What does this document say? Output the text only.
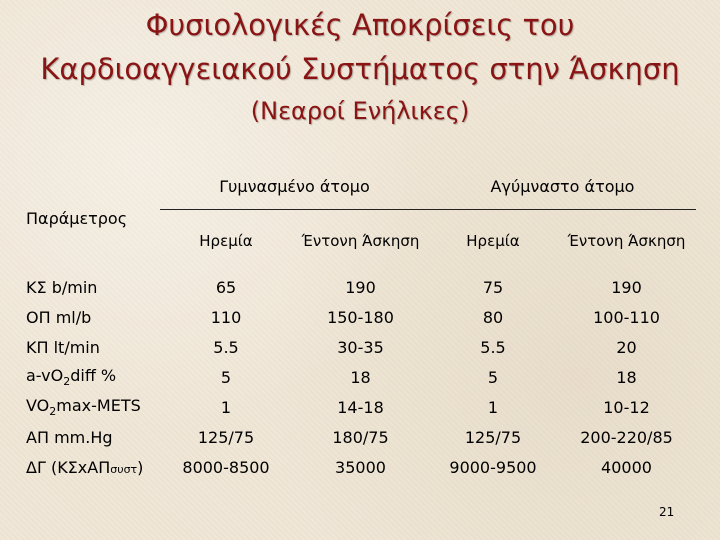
Φυσιολογικές Αποκρίσεις του
Καρδιοαγγειακού Συστήματος στην Άσκηση
(Νεαροί Ενήλικες)
Παράμετρος	Γυμνασμένο άτομο		Αγύμναστο άτομο	
	Ηρεμία	Έντονη Άσκηση	Ηρεμία	Έντονη Άσκηση
ΚΣ b/min	65	190	75	190
ΟΠ ml/b	110	150-180	80	100-110
ΚΠ lt/min	5.5	30-35	5.5	20
$a-vO_2diff$ %	5	18	5	18
$VO_2\max$-METS	1	14-18	1	10-12
ΑΠ mm.Hg	125/75	180/75	125/75	200-220/85
ΔΓ (ΚΣxΑΠσυστ)	8000-8500	35000	9000-9500	40000
21
